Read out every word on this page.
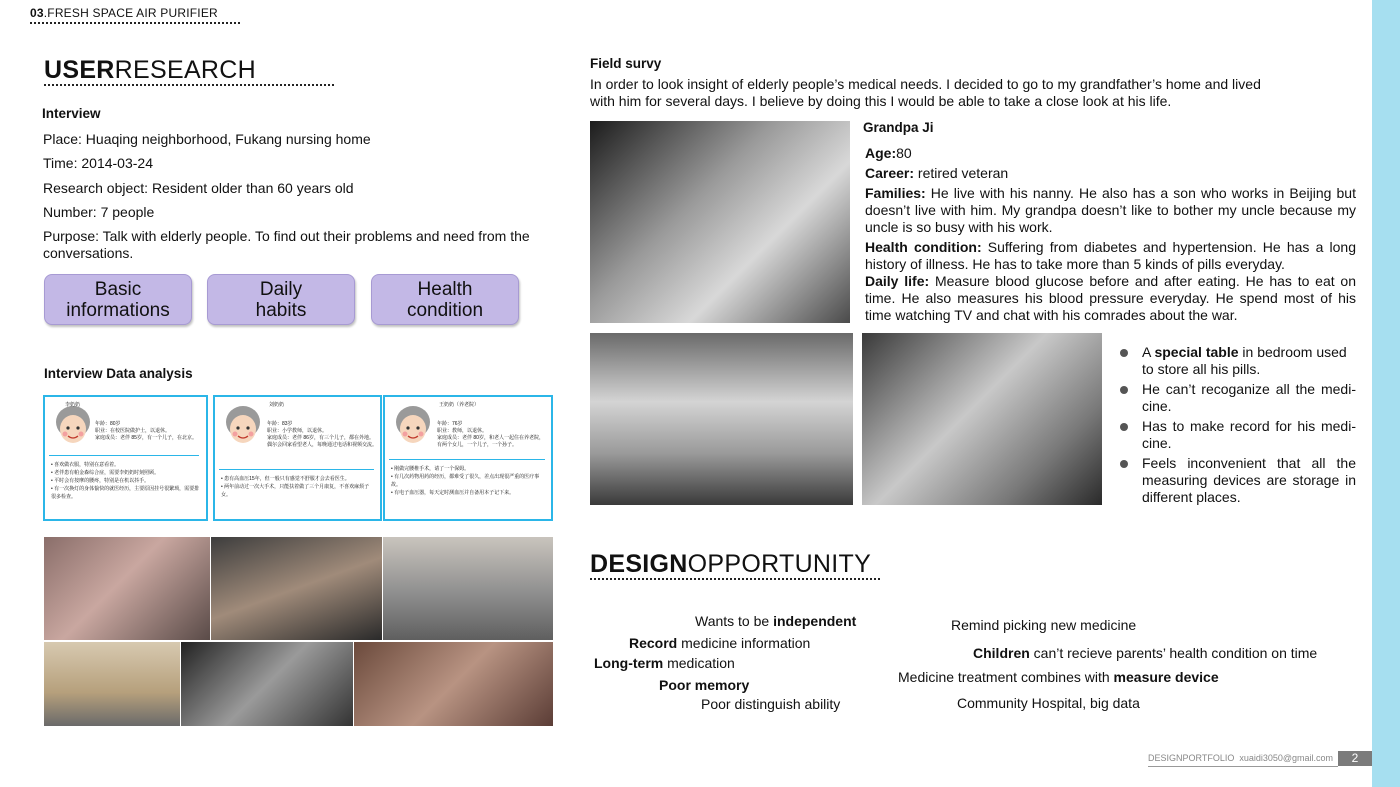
03.FRESH SPACE AIR PURIFIER
USERRESEARCH
Interview
Place: Huaqing neighborhood, Fukang nursing home
Time: 2014-03-24
Research object: Resident older than 60 years old
Number: 7 people
Purpose: Talk with elderly people. To find out their problems and need from the conversations.
Basic
informations
Daily
habits
Health
condition
Interview Data analysis
李奶奶
年龄：80岁
职业：在校医院做护士，以退休。
家庭成员：老伴 85岁，有一个儿子，在北京。
• 喜欢做衣服，特别在意看着。
• 老伴患有帕金森综合症，需要李奶奶时刻照顾。
• 平时会有按摩的腰疼，特别是在机以抖手。
• 有一次换灯的身体愉快的就医经历，主要原因挂号很繁琐，需要排很多检查。
刘奶奶
年龄：83岁
职业：小学教师，以退休。
家庭成员：老伴 86岁，有三个儿子，都在外地。偶尔会回家看望老人，每晚通过电话和视频交流。
• 患有高血压15年，但一般只有感觉不舒服才会去看医生。
• 两年前动过一次大手术，只能扶着做了三个月康复，不喜欢麻烦子女。
王奶奶（养老院）
年龄：76岁
职业：教师，以退休。
家庭成员：老伴 80岁，和老人一起住在养老院，有两个女儿，一个儿子，一个孙子。
• 刚做完腰椎手术，请了一个保姆。
• 有几次药物用药的经历，都难受了很久，差点出现很严重的医疗事故。
• 有电子血压器，每天定时测血压并自备用本子记下来。
Field survy
In order to look insight of elderly people’s medical needs. I decided to go to my grandfather’s home and lived with him for several days. I believe by doing this I would be able to take a close look at his life.
Grandpa Ji
Age:80
Career: retired veteran
Families: He live with his nanny. He also has a son who works in Beijing but doesn’t live with him. My grandpa doesn’t like to bother my uncle because my uncle is so busy with his work.
Health condition: Suffering from diabetes and hypertension. He has a long history of illness. He has to take more than 5 kinds of pills everyday.
Daily life: Measure blood glucose before and after eating. He has to eat on time. He also measures his blood pressure everyday. He spend most of his time watching TV and chat with his comrades about the war.
A special table in bedroom used to store all his pills.
He can’t recoganize all the medi-cine.
Has to make record for his medi-cine.
Feels inconvenient that all the measuring devices are storage in different places.
DESIGNOPPORTUNITY
Wants to be independent
Record medicine information
Long-term medication
Poor memory
Poor distinguish ability
Remind picking new medicine
Children can’t recieve parents’ health condition on time
Medicine treatment combines with measure device
Community Hospital, big data
DESIGNPORTFOLIO xuaidi3050@gmail.com	2
